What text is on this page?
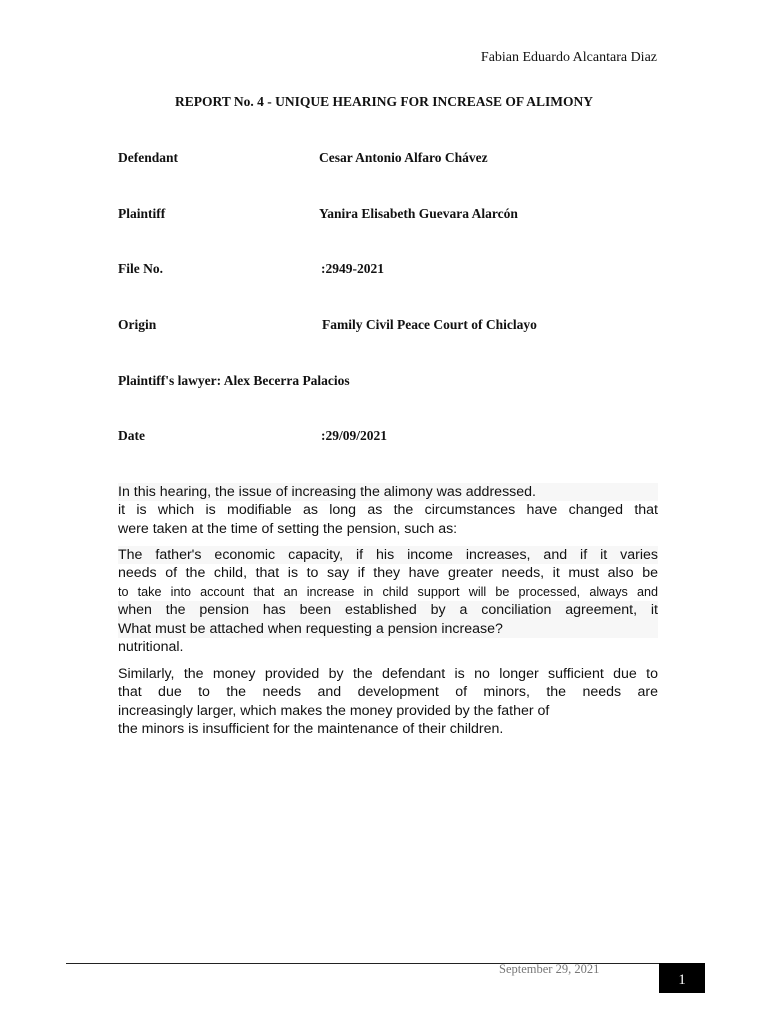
Fabian Eduardo Alcantara Diaz
REPORT No. 4 - UNIQUE HEARING FOR INCREASE OF ALIMONY
Defendant	Cesar Antonio Alfaro Chávez
Plaintiff	Yanira Elisabeth Guevara Alarcón
File No.	:2949-2021
Origin	Family Civil Peace Court of Chiclayo
Plaintiff's lawyer: Alex Becerra Palacios
Date	:29/09/2021
In this hearing, the issue of increasing the alimony was addressed.
it is which is modifiable as long as the circumstances have changed that
were taken at the time of setting the pension, such as:
The father's economic capacity, if his income increases, and if it varies
needs of the child, that is to say if they have greater needs, it must also be
to take into account that an increase in child support will be processed, always and
when the pension has been established by a conciliation agreement, it
What must be attached when requesting a pension increase?
nutritional.
Similarly, the money provided by the defendant is no longer sufficient due to
that due to the needs and development of minors, the needs are
increasingly larger, which makes the money provided by the father of
the minors is insufficient for the maintenance of their children.
September 29, 2021
1
